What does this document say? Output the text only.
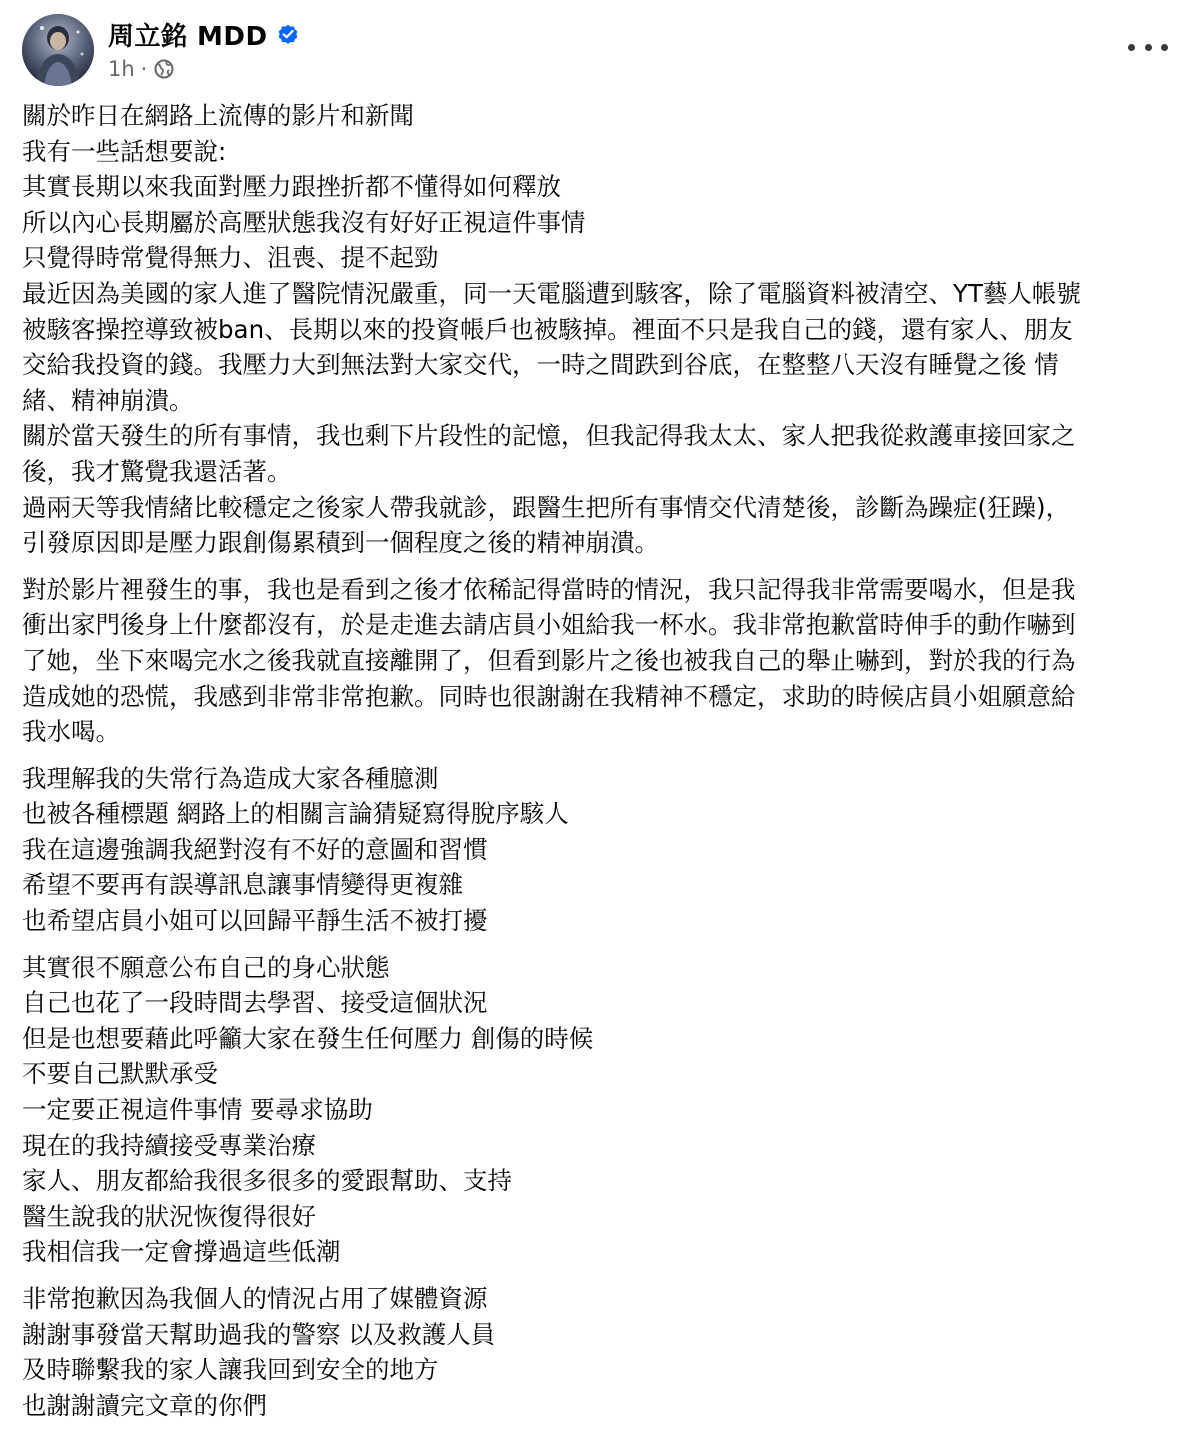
周立銘 MDD
1h ·

關於昨日在網路上流傳的影片和新聞
我有一些話想要說:
其實長期以來我面對壓力跟挫折都不懂得如何釋放
所以內心長期屬於高壓狀態我沒有好好正視這件事情
只覺得時常覺得無力、沮喪、提不起勁
最近因為美國的家人進了醫院情況嚴重，同一天電腦遭到駭客，除了電腦資料被清空、YT藝人帳號
被駭客操控導致被ban、長期以來的投資帳戶也被駭掉。裡面不只是我自己的錢，還有家人、朋友
交給我投資的錢。我壓力大到無法對大家交代，一時之間跌到谷底，在整整八天沒有睡覺之後 情
緒、精神崩潰。
關於當天發生的所有事情，我也剩下片段性的記憶，但我記得我太太、家人把我從救護車接回家之
後，我才驚覺我還活著。
過兩天等我情緒比較穩定之後家人帶我就診，跟醫生把所有事情交代清楚後，診斷為躁症(狂躁)，
引發原因即是壓力跟創傷累積到一個程度之後的精神崩潰。

對於影片裡發生的事，我也是看到之後才依稀記得當時的情況，我只記得我非常需要喝水，但是我
衝出家門後身上什麼都沒有，於是走進去請店員小姐給我一杯水。我非常抱歉當時伸手的動作嚇到
了她，坐下來喝完水之後我就直接離開了，但看到影片之後也被我自己的舉止嚇到，對於我的行為
造成她的恐慌，我感到非常非常抱歉。同時也很謝謝在我精神不穩定，求助的時候店員小姐願意給
我水喝。

我理解我的失常行為造成大家各種臆測
也被各種標題 網路上的相關言論猜疑寫得脫序駭人
我在這邊強調我絕對沒有不好的意圖和習慣
希望不要再有誤導訊息讓事情變得更複雜
也希望店員小姐可以回歸平靜生活不被打擾

其實很不願意公布自己的身心狀態
自己也花了一段時間去學習、接受這個狀況
但是也想要藉此呼籲大家在發生任何壓力 創傷的時候
不要自己默默承受
一定要正視這件事情 要尋求協助
現在的我持續接受專業治療
家人、朋友都給我很多很多的愛跟幫助、支持
醫生說我的狀況恢復得很好
我相信我一定會撐過這些低潮

非常抱歉因為我個人的情況占用了媒體資源
謝謝事發當天幫助過我的警察 以及救護人員
及時聯繫我的家人讓我回到安全的地方
也謝謝讀完文章的你們
